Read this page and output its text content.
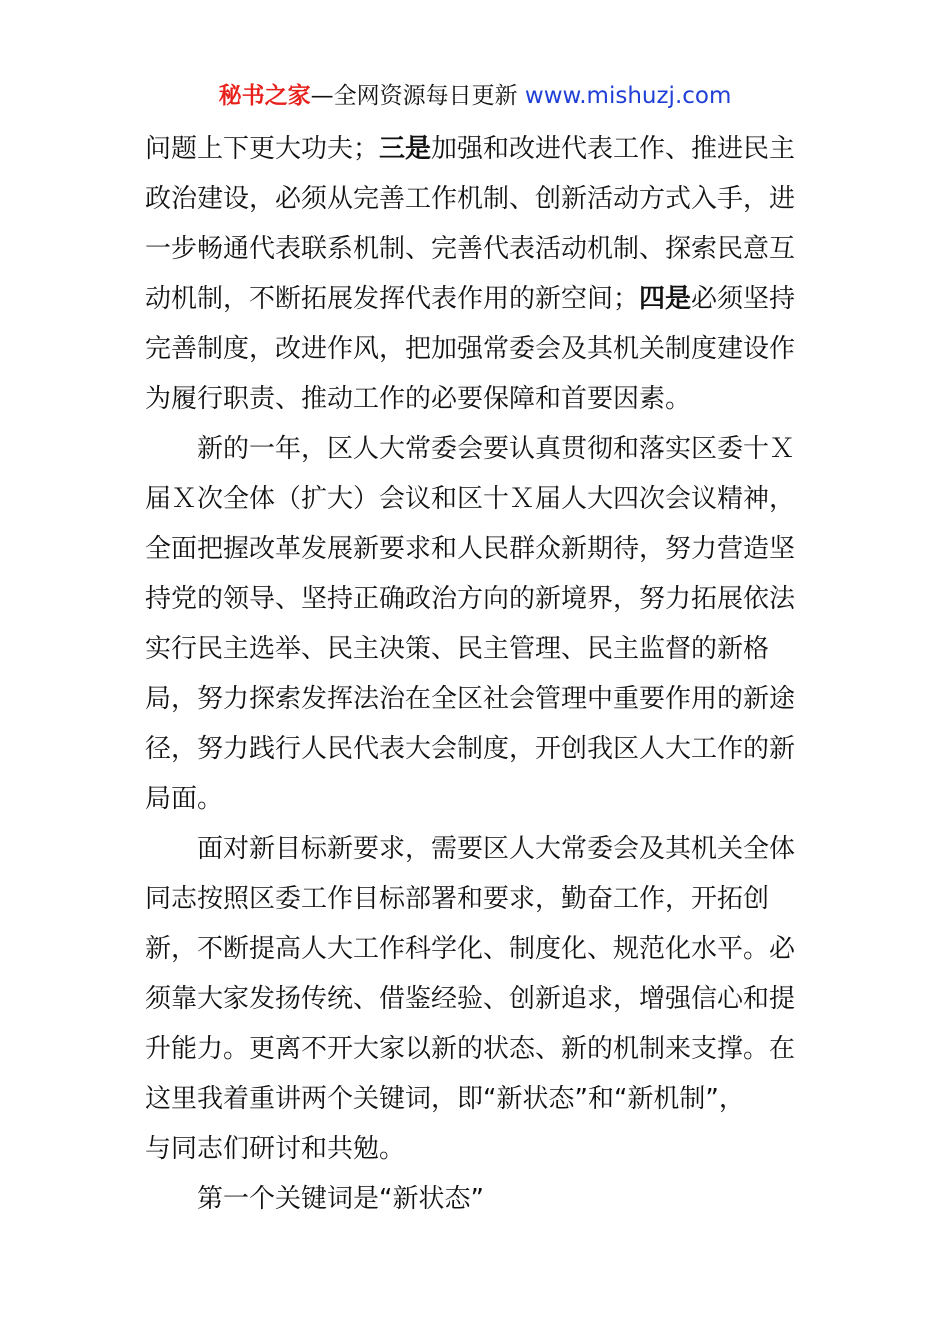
秘书之家—全网资源每日更新 www.mishuzj.com
问题上下更大功夫；三是加强和改进代表工作、推进民主
政治建设，必须从完善工作机制、创新活动方式入手，进
一步畅通代表联系机制、完善代表活动机制、探索民意互
动机制，不断拓展发挥代表作用的新空间；四是必须坚持
完善制度，改进作风，把加强常委会及其机关制度建设作
为履行职责、推动工作的必要保障和首要因素。
新的一年，区人大常委会要认真贯彻和落实区委十Ｘ
届Ｘ次全体（扩大）会议和区十Ｘ届人大四次会议精神，
全面把握改革发展新要求和人民群众新期待，努力营造坚
持党的领导、坚持正确政治方向的新境界，努力拓展依法
实行民主选举、民主决策、民主管理、民主监督的新格
局，努力探索发挥法治在全区社会管理中重要作用的新途
径，努力践行人民代表大会制度，开创我区人大工作的新
局面。
面对新目标新要求，需要区人大常委会及其机关全体
同志按照区委工作目标部署和要求，勤奋工作，开拓创
新，不断提高人大工作科学化、制度化、规范化水平。必
须靠大家发扬传统、借鉴经验、创新追求，增强信心和提
升能力。更离不开大家以新的状态、新的机制来支撑。在
这里我着重讲两个关键词，即“新状态”和“新机制”，
与同志们研讨和共勉。
第一个关键词是“新状态”
